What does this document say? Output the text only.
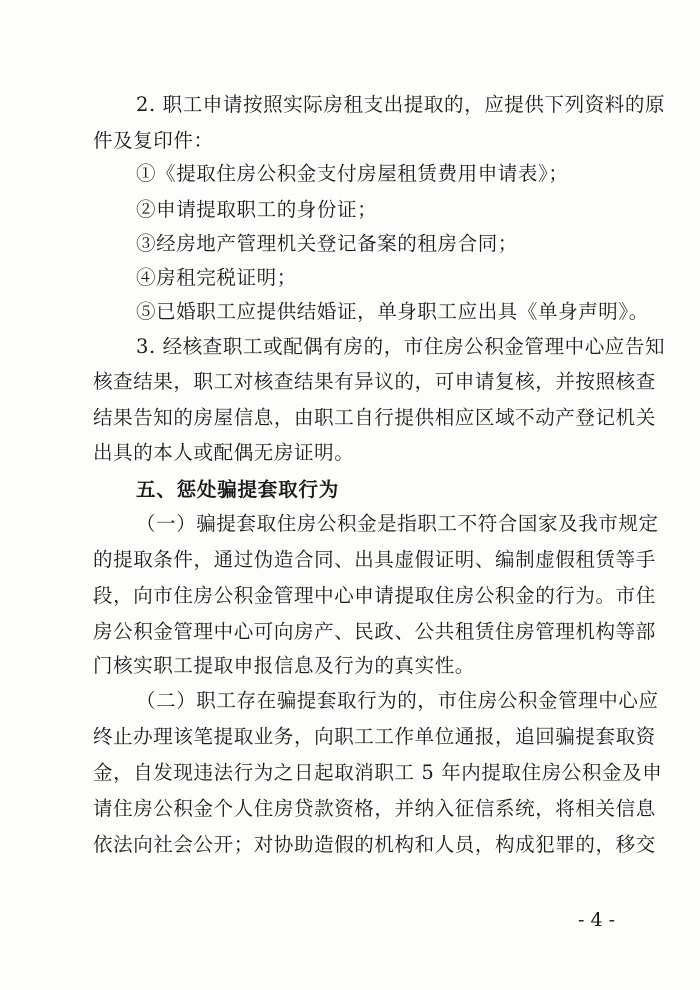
2. 职工申请按照实际房租支出提取的，应提供下列资料的原
件及复印件：
①《提取住房公积金支付房屋租赁费用申请表》；
②申请提取职工的身份证；
③经房地产管理机关登记备案的租房合同；
④房租完税证明；
⑤已婚职工应提供结婚证，单身职工应出具《单身声明》。
3. 经核查职工或配偶有房的，市住房公积金管理中心应告知
核查结果，职工对核查结果有异议的，可申请复核，并按照核查
结果告知的房屋信息，由职工自行提供相应区域不动产登记机关
出具的本人或配偶无房证明。
五、惩处骗提套取行为
（一）骗提套取住房公积金是指职工不符合国家及我市规定
的提取条件，通过伪造合同、出具虚假证明、编制虚假租赁等手
段，向市住房公积金管理中心申请提取住房公积金的行为。市住
房公积金管理中心可向房产、民政、公共租赁住房管理机构等部
门核实职工提取申报信息及行为的真实性。
（二）职工存在骗提套取行为的，市住房公积金管理中心应
终止办理该笔提取业务，向职工工作单位通报，追回骗提套取资
金，自发现违法行为之日起取消职工 5 年内提取住房公积金及申
请住房公积金个人住房贷款资格，并纳入征信系统，将相关信息
依法向社会公开；对协助造假的机构和人员，构成犯罪的，移交
- 4 -
